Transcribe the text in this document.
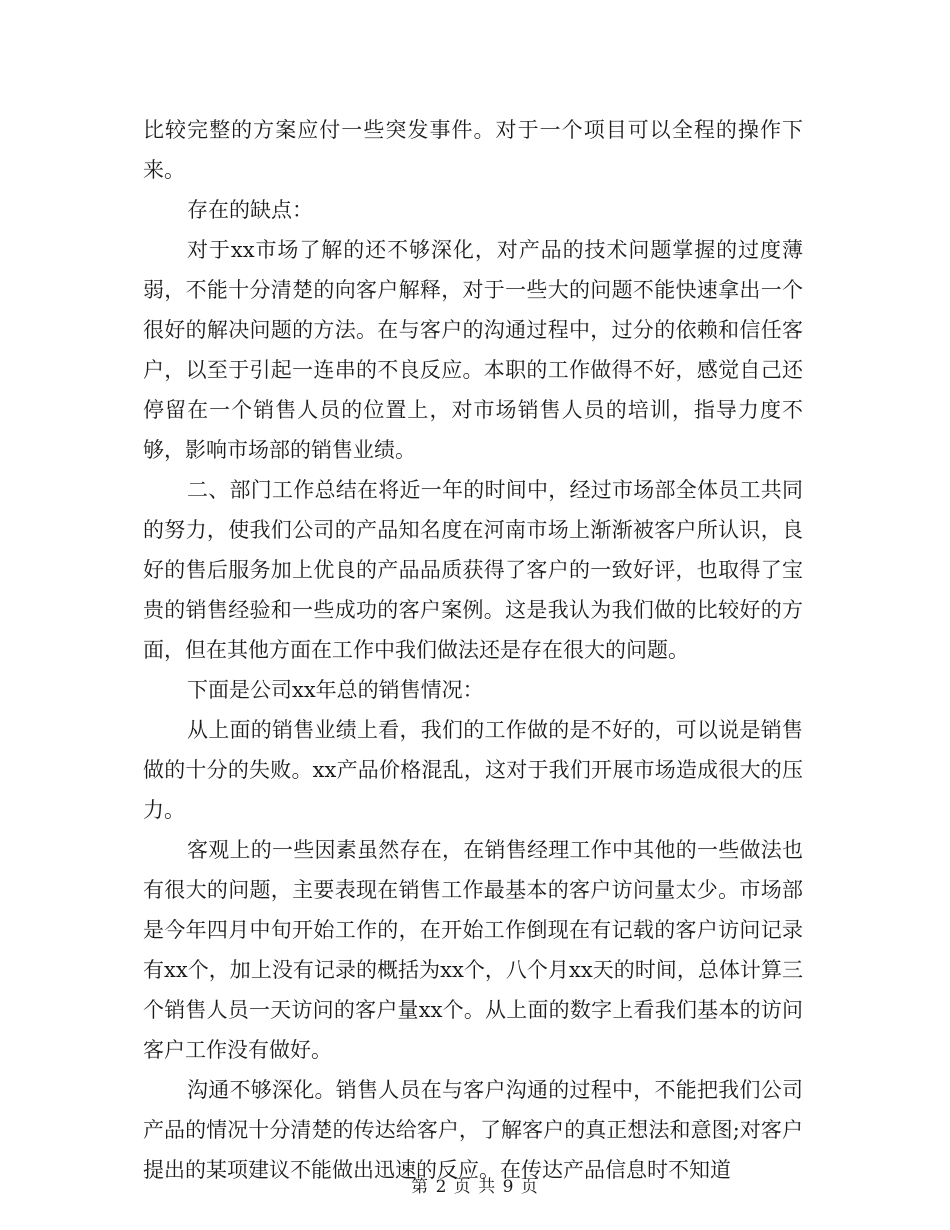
比较完整的方案应付一些突发事件。对于一个项目可以全程的操作下来。

存在的缺点：

对于xx市场了解的还不够深化，对产品的技术问题掌握的过度薄弱，不能十分清楚的向客户解释，对于一些大的问题不能快速拿出一个很好的解决问题的方法。在与客户的沟通过程中，过分的依赖和信任客户，以至于引起一连串的不良反应。本职的工作做得不好，感觉自己还停留在一个销售人员的位置上，对市场销售人员的培训，指导力度不够，影响市场部的销售业绩。

二、部门工作总结在将近一年的时间中，经过市场部全体员工共同的努力，使我们公司的产品知名度在河南市场上渐渐被客户所认识，良好的售后服务加上优良的产品品质获得了客户的一致好评，也取得了宝贵的销售经验和一些成功的客户案例。这是我认为我们做的比较好的方面，但在其他方面在工作中我们做法还是存在很大的问题。

下面是公司xx年总的销售情况：

从上面的销售业绩上看，我们的工作做的是不好的，可以说是销售做的十分的失败。xx产品价格混乱，这对于我们开展市场造成很大的压力。

客观上的一些因素虽然存在，在销售经理工作中其他的一些做法也有很大的问题，主要表现在销售工作最基本的客户访问量太少。市场部是今年四月中旬开始工作的，在开始工作倒现在有记载的客户访问记录有xx个，加上没有记录的概括为xx个，八个月xx天的时间，总体计算三个销售人员一天访问的客户量xx个。从上面的数字上看我们基本的访问客户工作没有做好。

沟通不够深化。销售人员在与客户沟通的过程中，不能把我们公司产品的情况十分清楚的传达给客户，了解客户的真正想法和意图;对客户提出的某项建议不能做出迅速的反应。在传达产品信息时不知道

第 2 页 共 9 页
